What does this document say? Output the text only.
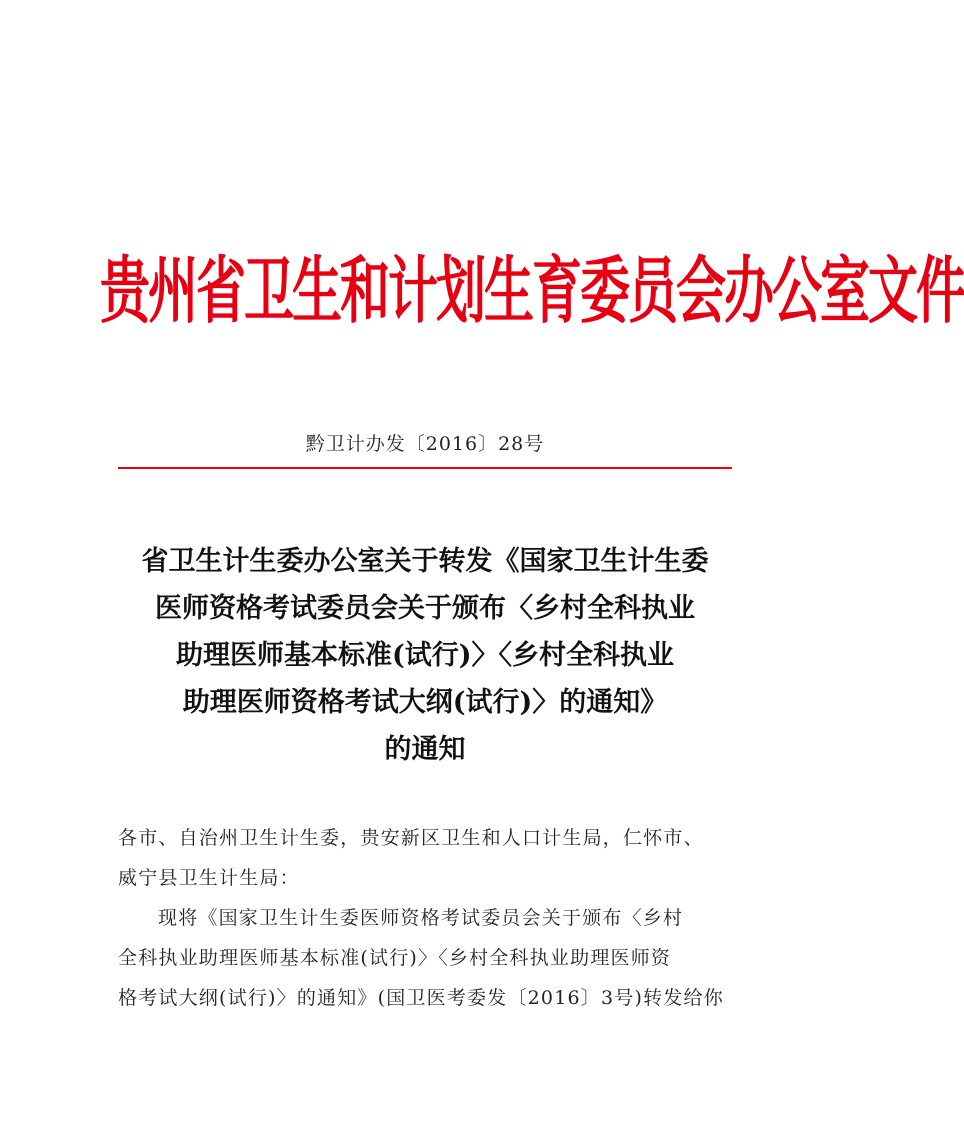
贵州省卫生和计划生育委员会办公室文件
黔卫计办发〔2016〕28号
省卫生计生委办公室关于转发《国家卫生计生委
医师资格考试委员会关于颁布〈乡村全科执业
助理医师基本标准(试行)〉〈乡村全科执业
助理医师资格考试大纲(试行)〉的通知》
的通知

各市、自治州卫生计生委，贵安新区卫生和人口计生局，仁怀市、

威宁县卫生计生局：

现将《国家卫生计生委医师资格考试委员会关于颁布〈乡村

全科执业助理医师基本标准(试行)〉〈乡村全科执业助理医师资

格考试大纲(试行)〉的通知》(国卫医考委发〔2016〕3号)转发给你
